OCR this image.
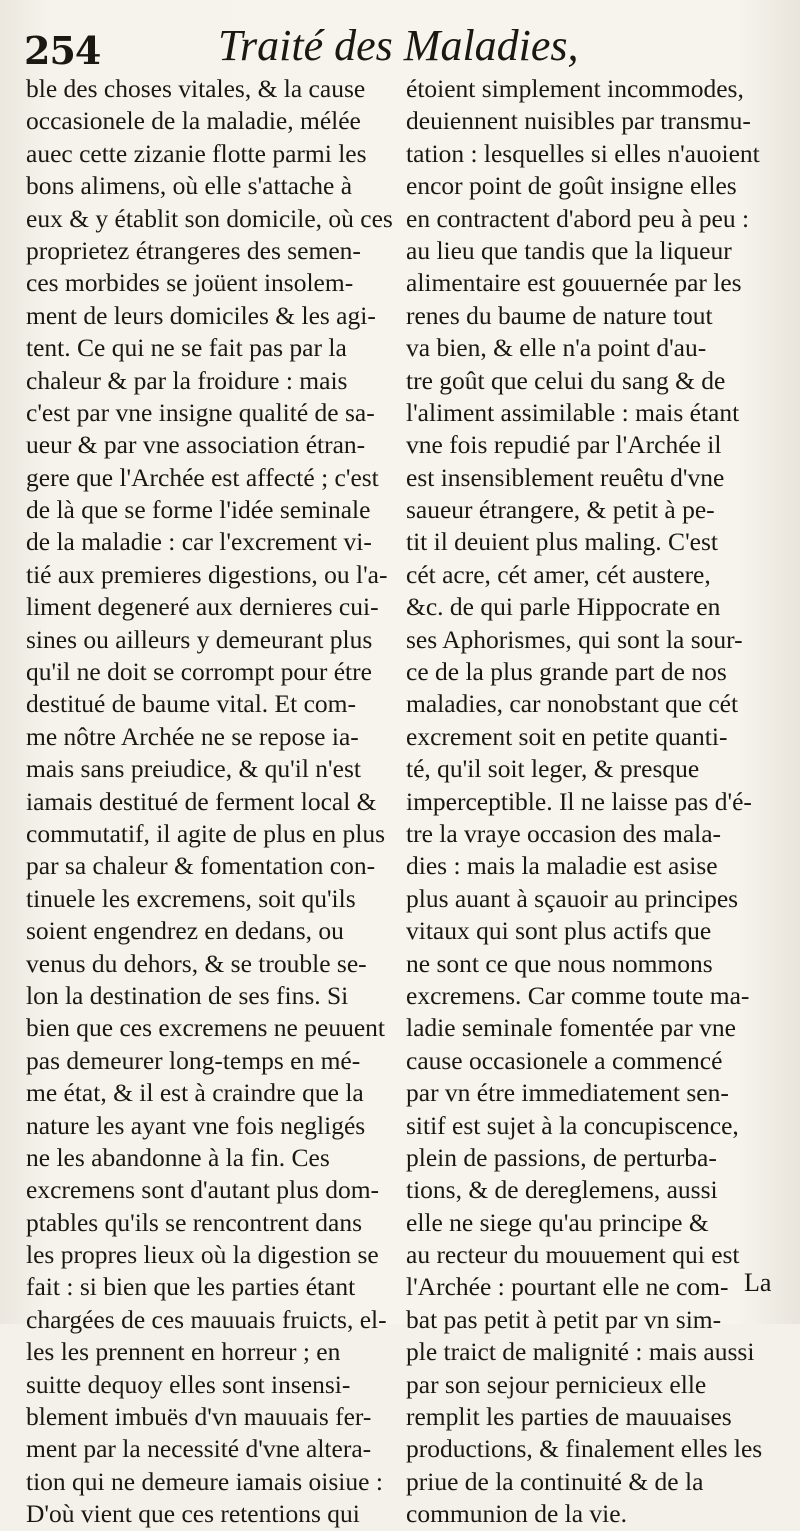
254	Traité des Maladies,
ble des choses vitales, & la cause
occasionele de la maladie, mélée
auec cette zizanie flotte parmi les
bons alimens, où elle s'attache à
eux & y établit son domicile, où ces
proprietez étrangeres des semen-
ces morbides se joüent insolem-
ment de leurs domiciles & les agi-
tent. Ce qui ne se fait pas par la
chaleur & par la froidure : mais
c'est par vne insigne qualité de sa-
ueur & par vne association étran-
gere que l'Archée est affecté ; c'est
de là que se forme l'idée seminale
de la maladie : car l'excrement vi-
tié aux premieres digestions, ou l'a-
liment degeneré aux dernieres cui-
sines ou ailleurs y demeurant plus
qu'il ne doit se corrompt pour étre
destitué de baume vital. Et com-
me nôtre Archée ne se repose ia-
mais sans preiudice, & qu'il n'est
iamais destitué de ferment local &
commutatif, il agite de plus en plus
par sa chaleur & fomentation con-
tinuele les excremens, soit qu'ils
soient engendrez en dedans, ou
venus du dehors, & se trouble se-
lon la destination de ses fins. Si
bien que ces excremens ne peuuent
pas demeurer long-temps en mé-
me état, & il est à craindre que la
nature les ayant vne fois negligés
ne les abandonne à la fin. Ces
excremens sont d'autant plus dom-
ptables qu'ils se rencontrent dans
les propres lieux où la digestion se
fait : si bien que les parties étant
chargées de ces mauuais fruicts, el-
les les prennent en horreur ; en
suitte dequoy elles sont insensi-
blement imbuës d'vn mauuais fer-
ment par la necessité d'vne altera-
tion qui ne demeure iamais oisiue :
D'où vient que ces retentions qui
étoient simplement incommodes,
deuiennent nuisibles par transmu-
tation : lesquelles si elles n'auoient
encor point de goût insigne elles
en contractent d'abord peu à peu :
au lieu que tandis que la liqueur
alimentaire est gouuernée par les
renes du baume de nature tout
va bien, & elle n'a point d'au-
tre goût que celui du sang & de
l'aliment assimilable : mais étant
vne fois repudié par l'Archée il
est insensiblement reuêtu d'vne
saueur étrangere, & petit à pe-
tit il deuient plus maling. C'est
cét acre, cét amer, cét austere,
&c. de qui parle Hippocrate en
ses Aphorismes, qui sont la sour-
ce de la plus grande part de nos
maladies, car nonobstant que cét
excrement soit en petite quanti-
té, qu'il soit leger, & presque
imperceptible. Il ne laisse pas d'é-
tre la vraye occasion des mala-
dies : mais la maladie est asise
plus auant à sçauoir au principes
vitaux qui sont plus actifs que
ne sont ce que nous nommons
excremens. Car comme toute ma-
ladie seminale fomentée par vne
cause occasionele a commencé
par vn étre immediatement sen-
sitif est sujet à la concupiscence,
plein de passions, de perturba-
tions, & de dereglemens, aussi
elle ne siege qu'au principe &
au recteur du mouuement qui est
l'Archée : pourtant elle ne com-
bat pas petit à petit par vn sim-
ple traict de malignité : mais aussi
par son sejour pernicieux elle
remplit les parties de mauuaises
productions, & finalement elles les
priue de la continuité & de la
communion de la vie.
La
